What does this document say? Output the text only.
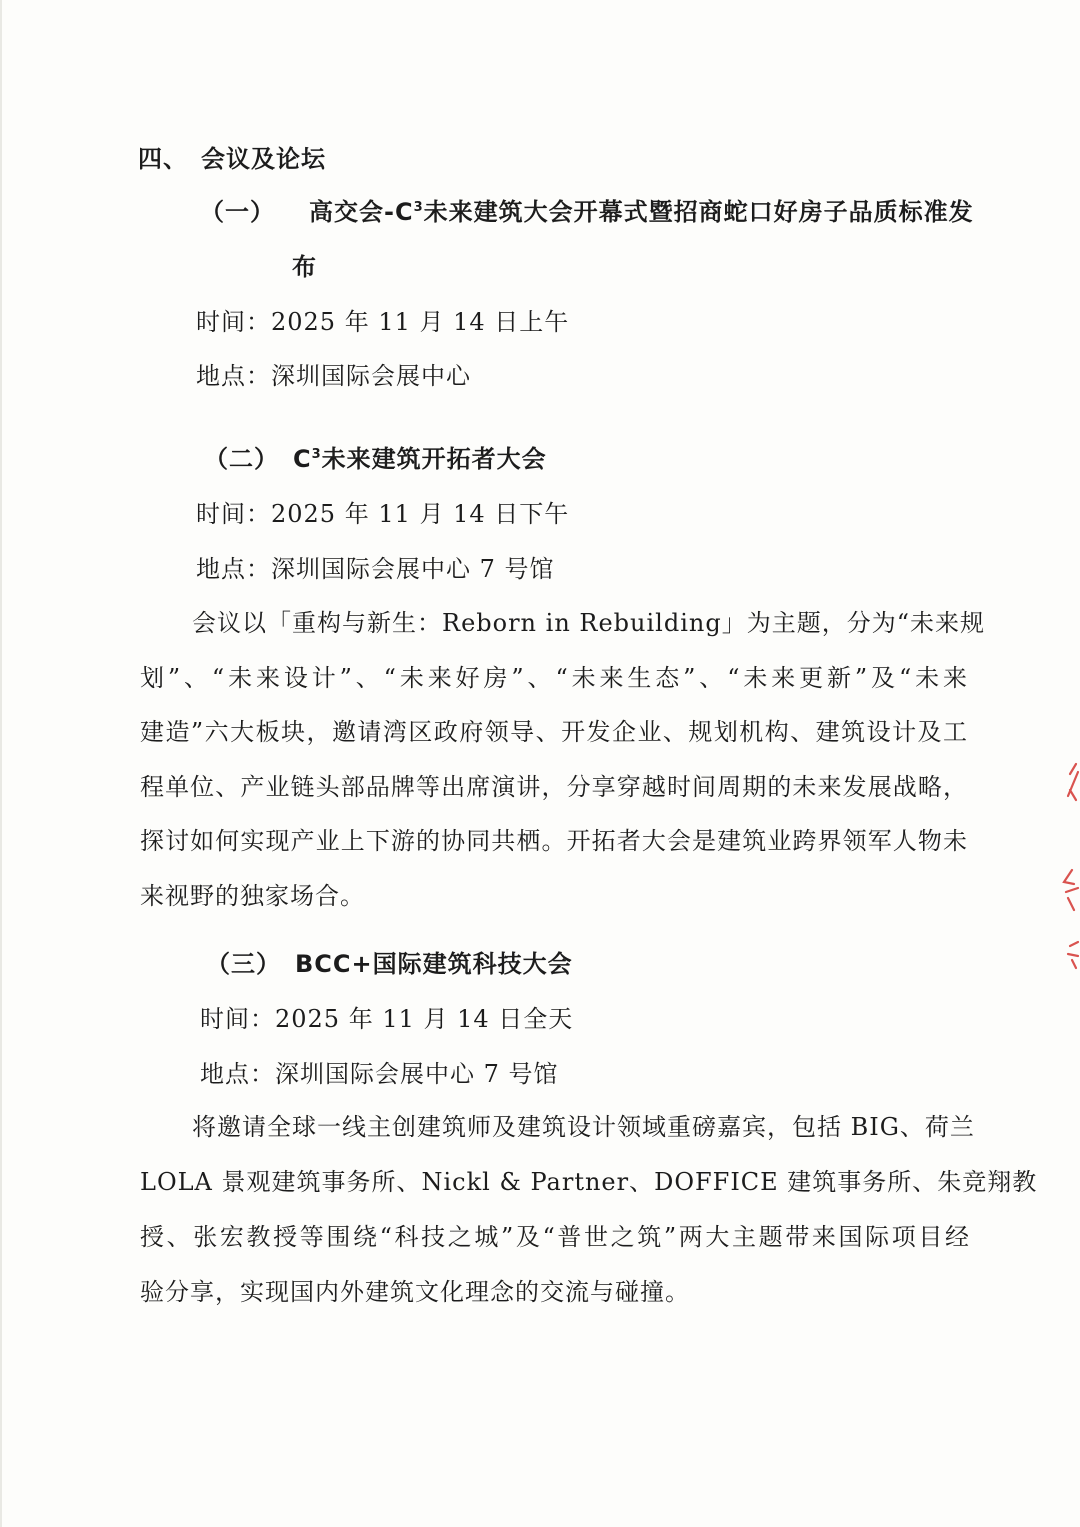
四、　会议及论坛
（一） 高交会$-C^3$未来建筑大会开幕式暨招商蛇口好房子品质标准发
布
时间：2025 年 11 月 14 日上午
地点：深圳国际会展中心
（二） $C^3$未来建筑开拓者大会
时间：2025 年 11 月 14 日下午
地点：深圳国际会展中心 7 号馆
会议以「重构与新生：Reborn in Rebuilding」为主题，分为“未来规
划”、“未来设计”、“未来好房”、“未来生态”、“未来更新”及“未来
建造”六大板块，邀请湾区政府领导、开发企业、规划机构、建筑设计及工
程单位、产业链头部品牌等出席演讲，分享穿越时间周期的未来发展战略，
探讨如何实现产业上下游的协同共栖。开拓者大会是建筑业跨界领军人物未
来视野的独家场合。
（三） BCC+国际建筑科技大会
时间：2025 年 11 月 14 日全天
地点：深圳国际会展中心 7 号馆
将邀请全球一线主创建筑师及建筑设计领域重磅嘉宾，包括 BIG、荷兰
LOLA 景观建筑事务所、Nickl & Partner、DOFFICE 建筑事务所、朱竞翔教
授、张宏教授等围绕“科技之城”及“普世之筑”两大主题带来国际项目经
验分享，实现国内外建筑文化理念的交流与碰撞。
